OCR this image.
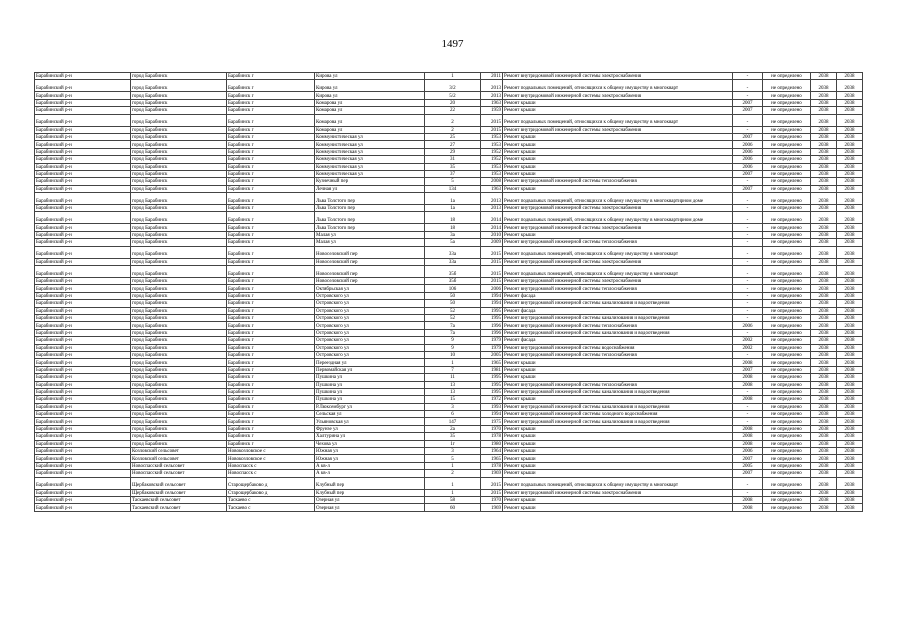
1497
Барабинский р-н	город Барабинск	Барабинск г	Кирова ул	1	2011	Ремонт внутридомовой инженерной системы электроснабжения	-	не определено	2038	2038
Барабинский р-н	город Барабинск	Барабинск г	Кирова ул	3/2	2013	Ремонт подвальных помещений, относящихся к общему имуществу в многокварт	-	не определено	2038	2038
Барабинский р-н	город Барабинск	Барабинск г	Кирова ул	5/2	2013	Ремонт внутридомовой инженерной системы электроснабжения	-	не определено	2038	2038
Барабинский р-н	город Барабинск	Барабинск г	Комарова ул	20	1963	Ремонт крыши	2007	не определено	2038	2038
Барабинский р-н	город Барабинск	Барабинск г	Комарова ул	22	1959	Ремонт крыши	2007	не определено	2038	2038
Барабинский р-н	город Барабинск	Барабинск г	Комарова ул	2	2015	Ремонт подвальных помещений, относящихся к общему имуществу в многокварт	-	не определено	2038	2038
Барабинский р-н	город Барабинск	Барабинск г	Комарова ул	2	2015	Ремонт внутридомовой инженерной системы электроснабжения	-	не определено	2038	2038
Барабинский р-н	город Барабинск	Барабинск г	Коммунистическая ул	25	1953	Ремонт крыши	2007	не определено	2038	2038
Барабинский р-н	город Барабинск	Барабинск г	Коммунистическая ул	27	1953	Ремонт крыши	2006	не определено	2038	2038
Барабинский р-н	город Барабинск	Барабинск г	Коммунистическая ул	29	1952	Ремонт крыши	2006	не определено	2038	2038
Барабинский р-н	город Барабинск	Барабинск г	Коммунистическая ул	31	1952	Ремонт крыши	2006	не определено	2038	2038
Барабинский р-н	город Барабинск	Барабинск г	Коммунистическая ул	35	1953	Ремонт крыши	2006	не определено	2038	2038
Барабинский р-н	город Барабинск	Барабинск г	Коммунистическая ул	37	1953	Ремонт крыши	2007	не определено	2038	2038
Барабинский р-н	город Барабинск	Барабинск г	Кузнечный пер	5	2008	Ремонт внутридомовой инженерной системы теплоснабжения	-	не определено	2038	2038
Барабинский р-н	город Барабинск	Барабинск г	Лечная ул	134	1963	Ремонт крыши	2007	не определено	2038	2038
Барабинский р-н	город Барабинск	Барабинск г	Льва Толстого пер	1а	2013	Ремонт подвальных помещений, относящихся к общему имуществу в многоквартирном доме	-	не определено	2038	2038
Барабинский р-н	город Барабинск	Барабинск г	Льва Толстого пер	1а	2013	Ремонт внутридомовой инженерной системы электроснабжения	-	не определено	2038	2038
Барабинский р-н	город Барабинск	Барабинск г	Льва Толстого пер	18	2014	Ремонт подвальных помещений, относящихся к общему имуществу в многоквартирном доме	-	не определено	2038	2038
Барабинский р-н	город Барабинск	Барабинск г	Льва Толстого пер	18	2014	Ремонт внутридомовой инженерной системы электроснабжения	-	не определено	2038	2038
Барабинский р-н	город Барабинск	Барабинск г	Малая ул	3а	2010	Ремонт крыши	-	не определено	2038	2038
Барабинский р-н	город Барабинск	Барабинск г	Малая ул	5а	2009	Ремонт внутридомовой инженерной системы теплоснабжения	-	не определено	2038	2038
Барабинский р-н	город Барабинск	Барабинск г	Новоселовский пер	33а	2015	Ремонт подвальных помещений, относящихся к общему имуществу в многокварт	-	не определено	2038	2038
Барабинский р-н	город Барабинск	Барабинск г	Новоселовский пер	33а	2015	Ремонт внутридомовой инженерной системы электроснабжения	-	не определено	2038	2038
Барабинский р-н	город Барабинск	Барабинск г	Новоселовский пер	35б	2015	Ремонт подвальных помещений, относящихся к общему имуществу в многокварт	-	не определено	2038	2038
Барабинский р-н	город Барабинск	Барабинск г	Новоселовский пер	35б	2015	Ремонт внутридомовой инженерной системы электроснабжения	-	не определено	2038	2038
Барабинский р-н	город Барабинск	Барабинск г	Октябрьская ул	106	2006	Ремонт внутридомовой инженерной системы теплоснабжения	-	не определено	2038	2038
Барабинский р-н	город Барабинск	Барабинск г	Островского ул	50	1994	Ремонт фасада	-	не определено	2038	2038
Барабинский р-н	город Барабинск	Барабинск г	Островского ул	50	1994	Ремонт внутридомовой инженерной системы канализования и водоотведения	-	не определено	2038	2038
Барабинский р-н	город Барабинск	Барабинск г	Островского ул	52	1995	Ремонт фасада	-	не определено	2038	2038
Барабинский р-н	город Барабинск	Барабинск г	Островского ул	52	1995	Ремонт внутридомовой инженерной системы канализования и водоотведения	-	не определено	2038	2038
Барабинский р-н	город Барабинск	Барабинск г	Островского ул	7а	1996	Ремонт внутридомовой инженерной системы теплоснабжения	2006	не определено	2038	2038
Барабинский р-н	город Барабинск	Барабинск г	Островского ул	7а	1996	Ремонт внутридомовой инженерной системы канализования и водоотведения	-	не определено	2038	2038
Барабинский р-н	город Барабинск	Барабинск г	Островского ул	9	1979	Ремонт фасада	2002	не определено	2038	2038
Барабинский р-н	город Барабинск	Барабинск г	Островского ул	9	1979	Ремонт внутридомовой инженерной системы водоснабжения	2002	не определено	2038	2038
Барабинский р-н	город Барабинск	Барабинск г	Островского ул	10	2005	Ремонт внутридомовой инженерной системы теплоснабжения	-	не определено	2038	2038
Барабинский р-н	город Барабинск	Барабинск г	Переездная ул	1	1965	Ремонт крыши	2008	не определено	2038	2038
Барабинский р-н	город Барабинск	Барабинск г	Первомайская ул	7	1981	Ремонт крыши	2007	не определено	2038	2038
Барабинский р-н	город Барабинск	Барабинск г	Пушкина ул	11	1995	Ремонт крыши	2008	не определено	2038	2038
Барабинский р-н	город Барабинск	Барабинск г	Пушкина ул	13	1995	Ремонт внутридомовой инженерной системы теплоснабжения	2008	не определено	2038	2038
Барабинский р-н	город Барабинск	Барабинск г	Пушкина ул	13	1995	Ремонт внутридомовой инженерной системы канализования и водоотведения	-	не определено	2038	2038
Барабинский р-н	город Барабинск	Барабинск г	Пушкина ул	15	1972	Ремонт крыши	2008	не определено	2038	2038
Барабинский р-н	город Барабинск	Барабинск г	Р.Люксембург ул	3	1993	Ремонт внутридомовой инженерной системы канализования и водоотведения	-	не определено	2038	2038
Барабинский р-н	город Барабинск	Барабинск г	Сельская ул	6	1994	Ремонт внутридомовой инженерной системы холодного водоснабжения	-	не определено	2038	2038
Барабинский р-н	город Барабинск	Барабинск г	Ульяновская ул	147	1975	Ремонт внутридомовой инженерной системы канализования и водоотведения	-	не определено	2038	2038
Барабинский р-н	город Барабинск	Барабинск г	Фрунзе ул	2а	1970	Ремонт крыши	2008	не определено	2038	2038
Барабинский р-н	город Барабинск	Барабинск г	Халтурина ул	35	1978	Ремонт крыши	2008	не определено	2038	2038
Барабинский р-н	город Барабинск	Барабинск г	Чехова ул	1г	1980	Ремонт крыши	2008	не определено	2038	2038
Барабинский р-н	Козловский сельсовет	Новокозловское с	Южная ул	3	1964	Ремонт крыши	2006	не определено	2038	2038
Барабинский р-н	Козловский сельсовет	Новокозловское с	Южная ул	5	1965	Ремонт крыши	2007	не определено	2038	2038
Барабинский р-н	Новоспасский сельсовет	Новоспасск с	А кв-л	1	1978	Ремонт крыши	2005	не определено	2038	2038
Барабинский р-н	Новоспасский сельсовет	Новоспасск с	А кв-л	2	1969	Ремонт крыши	2007	не определено	2038	2038
Барабинский р-н	Щербаковский сельсовет	Старощербаково д	Клубный пер	1	2015	Ремонт подвальных помещений, относящихся к общему имуществу в многокварт	-	не определено	2038	2038
Барабинский р-н	Щербаковский сельсовет	Старощербаково д	Клубный пер	1	2015	Ремонт внутридомовой инженерной системы электроснабжения	-	не определено	2038	2038
Барабинский р-н	Таскаевский сельсовет	Таскаево с	Озерная ул	58	1970	Ремонт крыши	2008	не определено	2038	2038
Барабинский р-н	Таскаевский сельсовет	Таскаево с	Озерная ул	60	1969	Ремонт крыши	2008	не определено	2038	2038
